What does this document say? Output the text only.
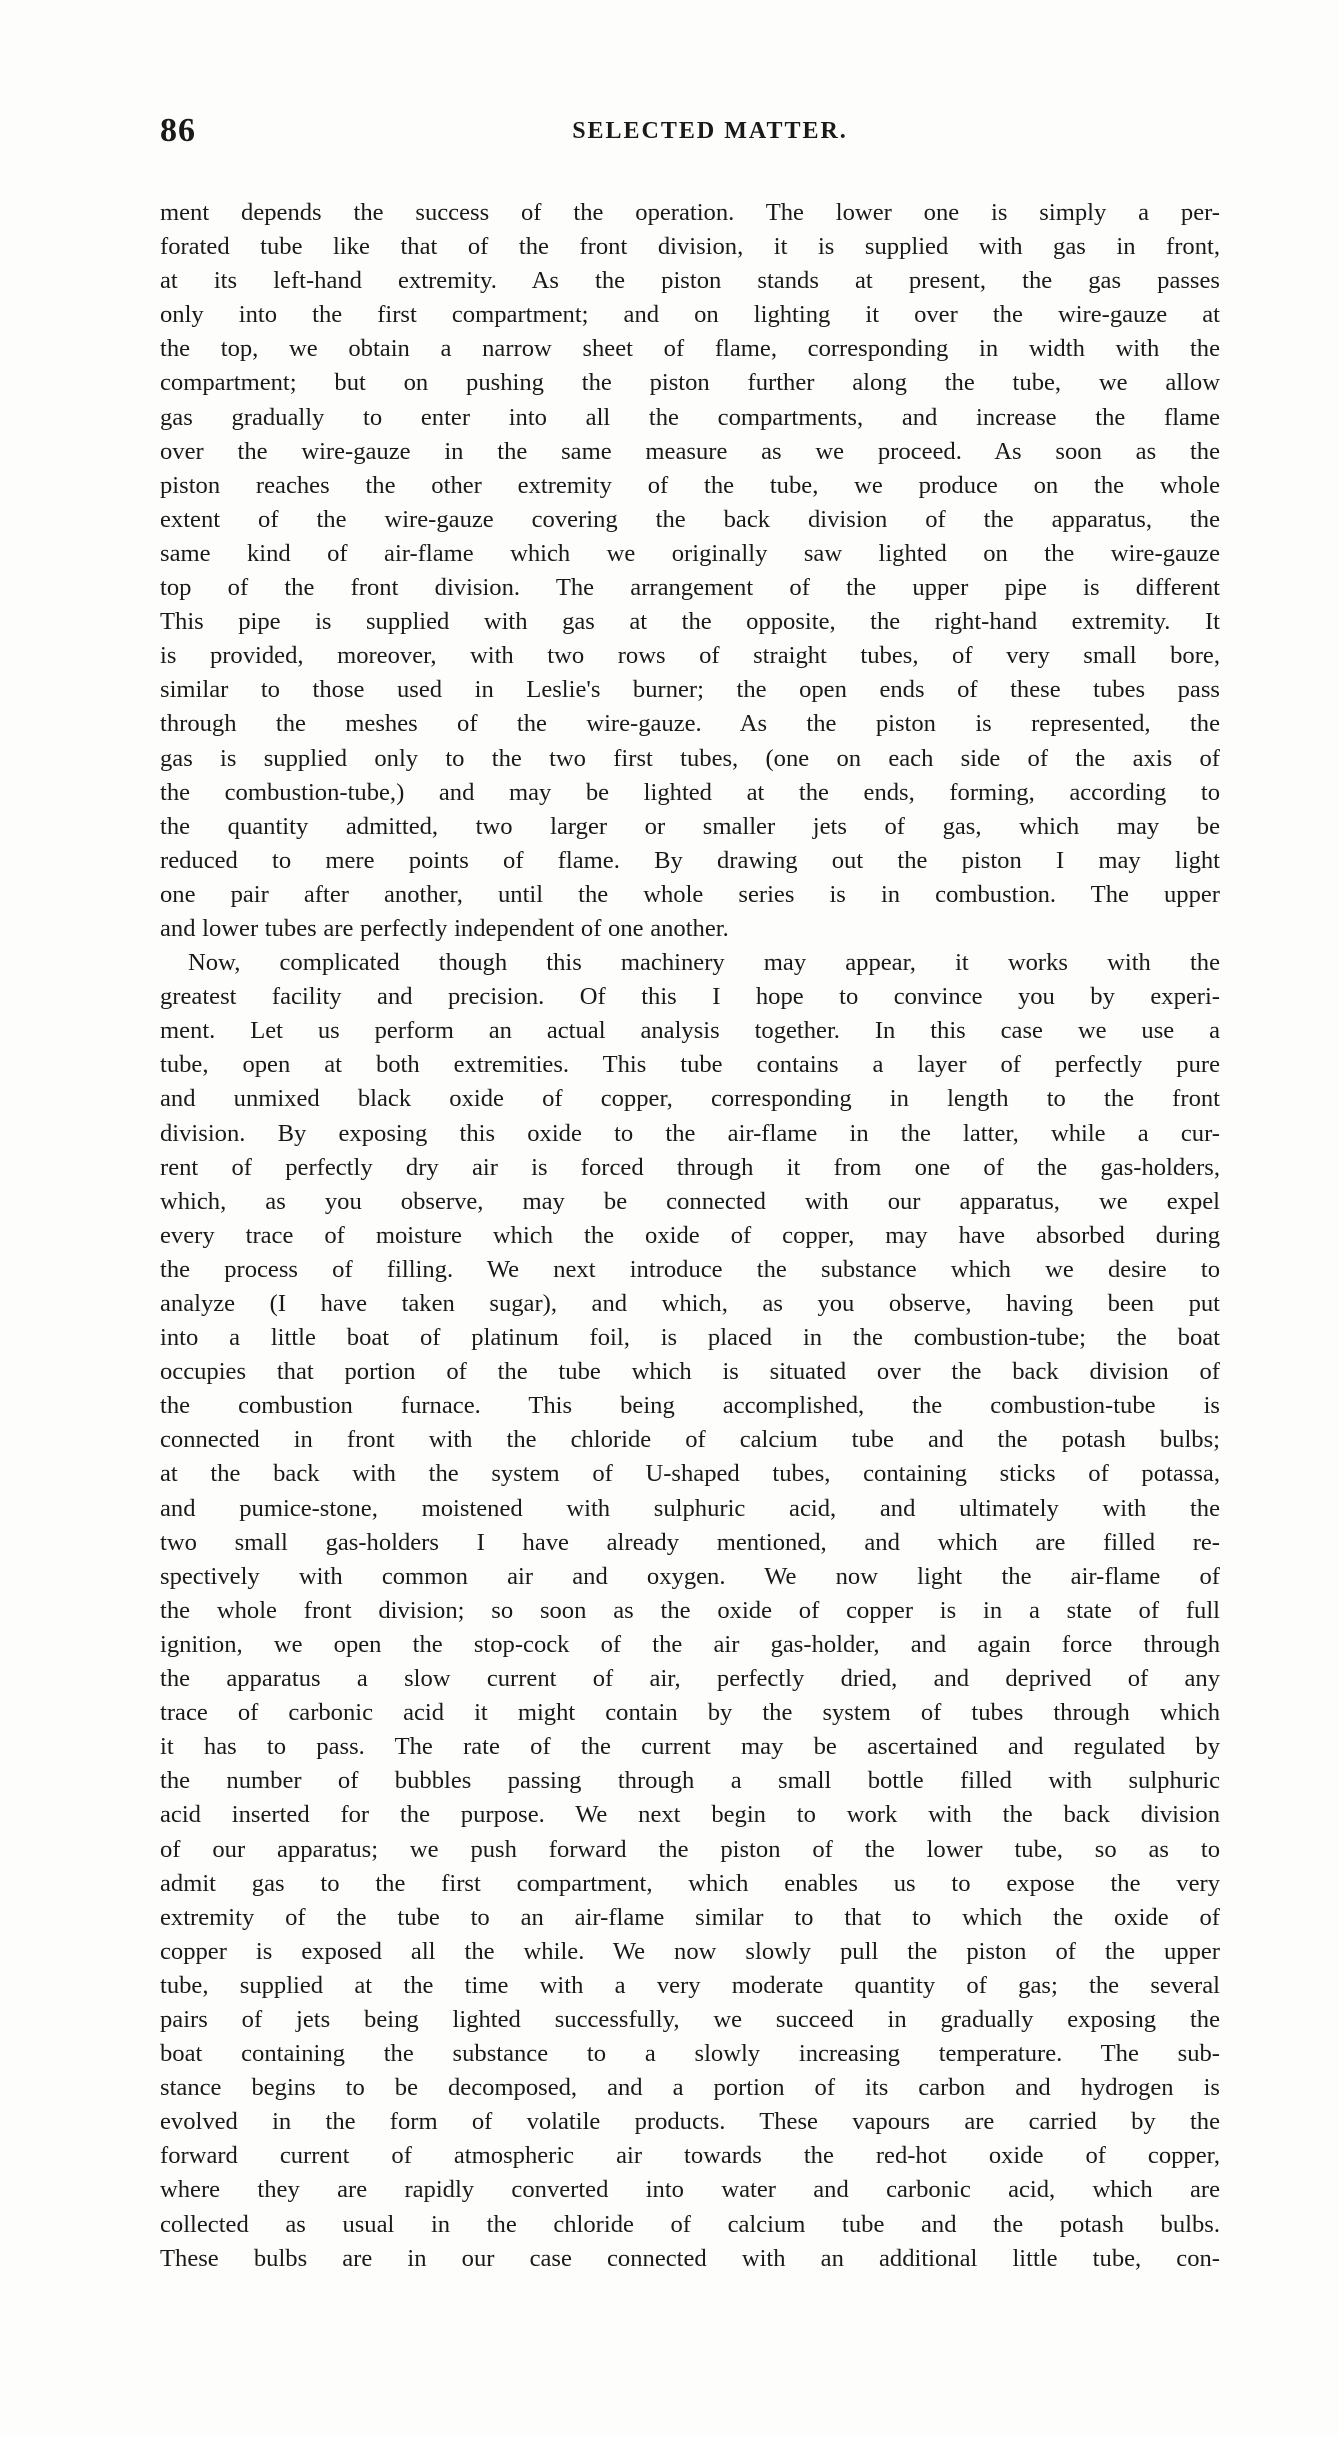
86	SELECTED MATTER.
ment depends the success of the operation. The lower one is simply a per-
forated tube like that of the front division, it is supplied with gas in front,
at its left-hand extremity. As the piston stands at present, the gas passes
only into the first compartment; and on lighting it over the wire-gauze at
the top, we obtain a narrow sheet of flame, corresponding in width with the
compartment; but on pushing the piston further along the tube, we allow
gas gradually to enter into all the compartments, and increase the flame
over the wire-gauze in the same measure as we proceed. As soon as the
piston reaches the other extremity of the tube, we produce on the whole
extent of the wire-gauze covering the back division of the apparatus, the
same kind of air-flame which we originally saw lighted on the wire-gauze
top of the front division. The arrangement of the upper pipe is different
This pipe is supplied with gas at the opposite, the right-hand extremity. It
is provided, moreover, with two rows of straight tubes, of very small bore,
similar to those used in Leslie's burner; the open ends of these tubes pass
through the meshes of the wire-gauze. As the piston is represented, the
gas is supplied only to the two first tubes, (one on each side of the axis of
the combustion-tube,) and may be lighted at the ends, forming, according to
the quantity admitted, two larger or smaller jets of gas, which may be
reduced to mere points of flame. By drawing out the piston I may light
one pair after another, until the whole series is in combustion. The upper
and lower tubes are perfectly independent of one another.
Now, complicated though this machinery may appear, it works with the
greatest facility and precision. Of this I hope to convince you by experi-
ment. Let us perform an actual analysis together. In this case we use a
tube, open at both extremities. This tube contains a layer of perfectly pure
and unmixed black oxide of copper, corresponding in length to the front
division. By exposing this oxide to the air-flame in the latter, while a cur-
rent of perfectly dry air is forced through it from one of the gas-holders,
which, as you observe, may be connected with our apparatus, we expel
every trace of moisture which the oxide of copper, may have absorbed during
the process of filling. We next introduce the substance which we desire to
analyze (I have taken sugar), and which, as you observe, having been put
into a little boat of platinum foil, is placed in the combustion-tube; the boat
occupies that portion of the tube which is situated over the back division of
the combustion furnace. This being accomplished, the combustion-tube is
connected in front with the chloride of calcium tube and the potash bulbs;
at the back with the system of U-shaped tubes, containing sticks of potassa,
and pumice-stone, moistened with sulphuric acid, and ultimately with the
two small gas-holders I have already mentioned, and which are filled re-
spectively with common air and oxygen. We now light the air-flame of
the whole front division; so soon as the oxide of copper is in a state of full
ignition, we open the stop-cock of the air gas-holder, and again force through
the apparatus a slow current of air, perfectly dried, and deprived of any
trace of carbonic acid it might contain by the system of tubes through which
it has to pass. The rate of the current may be ascertained and regulated by
the number of bubbles passing through a small bottle filled with sulphuric
acid inserted for the purpose. We next begin to work with the back division
of our apparatus; we push forward the piston of the lower tube, so as to
admit gas to the first compartment, which enables us to expose the very
extremity of the tube to an air-flame similar to that to which the oxide of
copper is exposed all the while. We now slowly pull the piston of the upper
tube, supplied at the time with a very moderate quantity of gas; the several
pairs of jets being lighted successfully, we succeed in gradually exposing the
boat containing the substance to a slowly increasing temperature. The sub-
stance begins to be decomposed, and a portion of its carbon and hydrogen is
evolved in the form of volatile products. These vapours are carried by the
forward current of atmospheric air towards the red-hot oxide of copper,
where they are rapidly converted into water and carbonic acid, which are
collected as usual in the chloride of calcium tube and the potash bulbs.
These bulbs are in our case connected with an additional little tube, con-
